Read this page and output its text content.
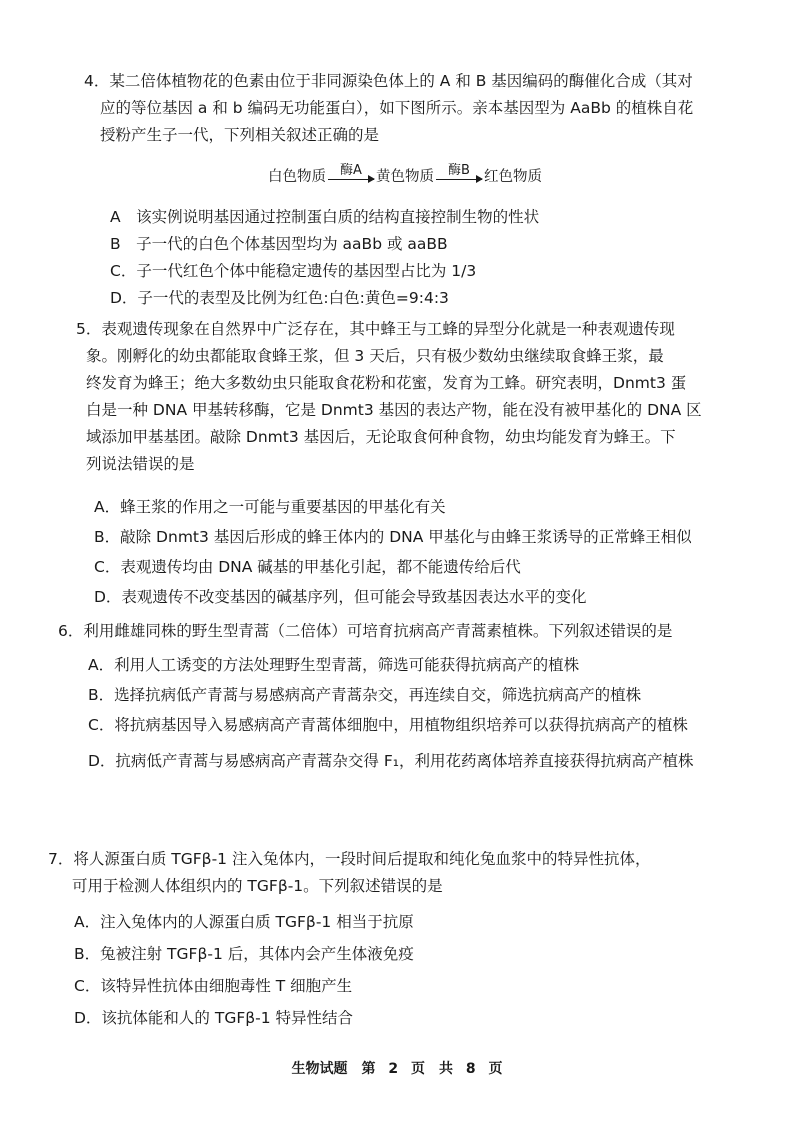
4．某二倍体植物花的色素由位于非同源染色体上的 A 和 B 基因编码的酶催化合成（其对
应的等位基因 a 和 b 编码无功能蛋白），如下图所示。亲本基因型为 AaBb 的植株自花
授粉产生子一代，下列相关叙述正确的是
白色物质	酶A 黄色物质	酶B 红色物质
A　该实例说明基因通过控制蛋白质的结构直接控制生物的性状
B　子一代的白色个体基因型均为 aaBb 或 aaBB
C．子一代红色个体中能稳定遗传的基因型占比为 1/3
D．子一代的表型及比例为红色:白色:黄色=9:4:3
5．表观遗传现象在自然界中广泛存在，其中蜂王与工蜂的异型分化就是一种表观遗传现
象。刚孵化的幼虫都能取食蜂王浆，但 3 天后，只有极少数幼虫继续取食蜂王浆，最
终发育为蜂王；绝大多数幼虫只能取食花粉和花蜜，发育为工蜂。研究表明，Dnmt3 蛋
白是一种 DNA 甲基转移酶，它是 Dnmt3 基因的表达产物，能在没有被甲基化的 DNA 区
域添加甲基基团。敲除 Dnmt3 基因后，无论取食何种食物，幼虫均能发育为蜂王。下
列说法错误的是
A．蜂王浆的作用之一可能与重要基因的甲基化有关
B．敲除 Dnmt3 基因后形成的蜂王体内的 DNA 甲基化与由蜂王浆诱导的正常蜂王相似
C．表观遗传均由 DNA 碱基的甲基化引起，都不能遗传给后代
D．表观遗传不改变基因的碱基序列，但可能会导致基因表达水平的变化
6．利用雌雄同株的野生型青蒿（二倍体）可培育抗病高产青蒿素植株。下列叙述错误的是
A．利用人工诱变的方法处理野生型青蒿，筛选可能获得抗病高产的植株
B．选择抗病低产青蒿与易感病高产青蒿杂交，再连续自交，筛选抗病高产的植株
C．将抗病基因导入易感病高产青蒿体细胞中，用植物组织培养可以获得抗病高产的植株
D．抗病低产青蒿与易感病高产青蒿杂交得 F₁，利用花药离体培养直接获得抗病高产植株
7．将人源蛋白质 TGFβ-1 注入兔体内，一段时间后提取和纯化兔血浆中的特异性抗体，
可用于检测人体组织内的 TGFβ-1。下列叙述错误的是
A．注入兔体内的人源蛋白质 TGFβ-1 相当于抗原
B．兔被注射 TGFβ-1 后，其体内会产生体液免疫
C．该特异性抗体由细胞毒性 T 细胞产生
D．该抗体能和人的 TGFβ-1 特异性结合
生物试题　第 2 页　共 8 页
